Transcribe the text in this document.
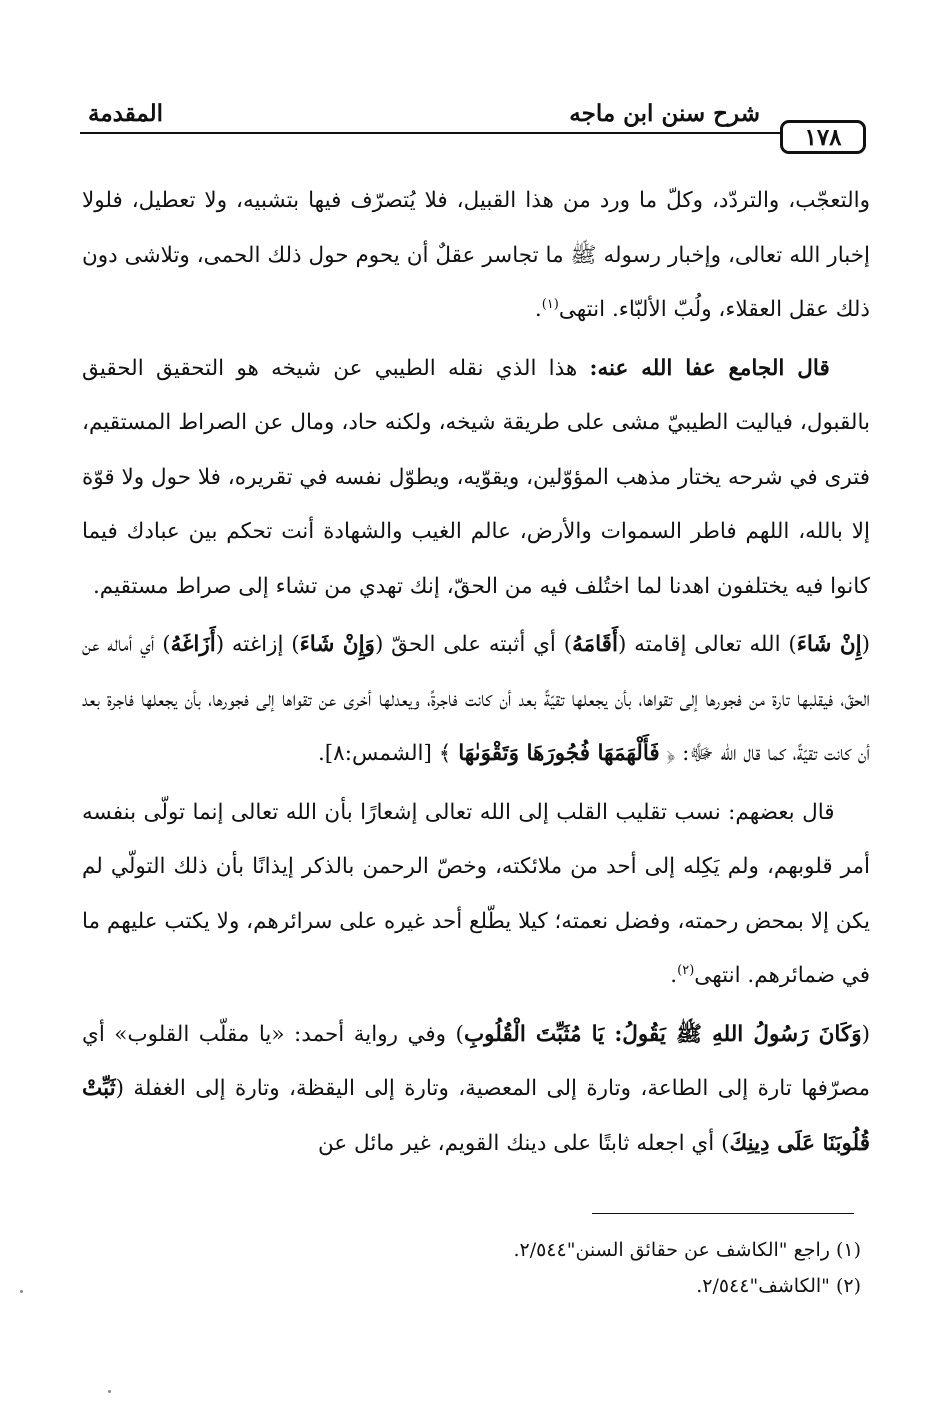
١٧٨
شرح سنن ابن ماجه
المقدمة

والتعجّب، والتردّد، وكلّ ما ورد من هذا القبيل، فلا يُتصرّف فيها بتشبيه، ولا تعطيل، فلولا إخبار الله تعالى، وإخبار رسوله ﷺ ما تجاسر عقلٌ أن يحوم حول ذلك الحمى، وتلاشى دون ذلك عقل العقلاء، ولُبّ الألبّاء. انتهى$^{(١)}$.

قال الجامع عفا الله عنه: هذا الذي نقله الطيبي عن شيخه هو التحقيق الحقيق بالقبول، فياليت الطيبيّ مشى على طريقة شيخه، ولكنه حاد، ومال عن الصراط المستقيم، فترى في شرحه يختار مذهب المؤوّلين، ويقوّيه، ويطوّل نفسه في تقريره، فلا حول ولا قوّة إلا بالله، اللهم فاطر السموات والأرض، عالم الغيب والشهادة أنت تحكم بين عبادك فيما كانوا فيه يختلفون اهدنا لما اختُلف فيه من الحقّ، إنك تهدي من تشاء إلى صراط مستقيم.

(إِنْ شَاءَ) الله تعالى إقامته (أَقَامَهُ) أي أثبته على الحقّ (وَإِنْ شَاءَ) إزاغته (أَزَاغَهُ) أي أماله عن الحقّ، فيقلبها تارة من فجورها إلى تقواها، بأن يجعلها تقيّةً بعد أن كانت فاجرةً، ويعدلها أخرى عن تقواها إلى فجورها، بأن يجعلها فاجرة بعد أن كانت تقيّةً، كما قال الله ﷻ: ﴿ فَأَلْهَمَهَا فُجُورَهَا وَتَقْوَىٰهَا ﴾ [الشمس:٨].

قال بعضهم: نسب تقليب القلب إلى الله تعالى إشعارًا بأن الله تعالى إنما تولّى بنفسه أمر قلوبهم، ولم يَكِله إلى أحد من ملائكته، وخصّ الرحمن بالذكر إيذانًا بأن ذلك التولّي لم يكن إلا بمحض رحمته، وفضل نعمته؛ كيلا يطّلع أحد غيره على سرائرهم، ولا يكتب عليهم ما في ضمائرهم. انتهى$^{(٢)}$.

(وَكَانَ رَسُولُ اللهِ ﷺ يَقُولُ: يَا مُثَبِّتَ الْقُلُوبِ) وفي رواية أحمد: «يا مقلّب القلوب» أي مصرّفها تارة إلى الطاعة، وتارة إلى المعصية، وتارة إلى اليقظة، وتارة إلى الغفلة (ثَبِّتْ قُلُوبَنَا عَلَى دِينِكَ) أي اجعله ثابتًا على دينك القويم، غير مائل عن

(١) راجع "الكاشف عن حقائق السنن"٢/٥٤٤.
(٢) "الكاشف"٢/٥٤٤.
